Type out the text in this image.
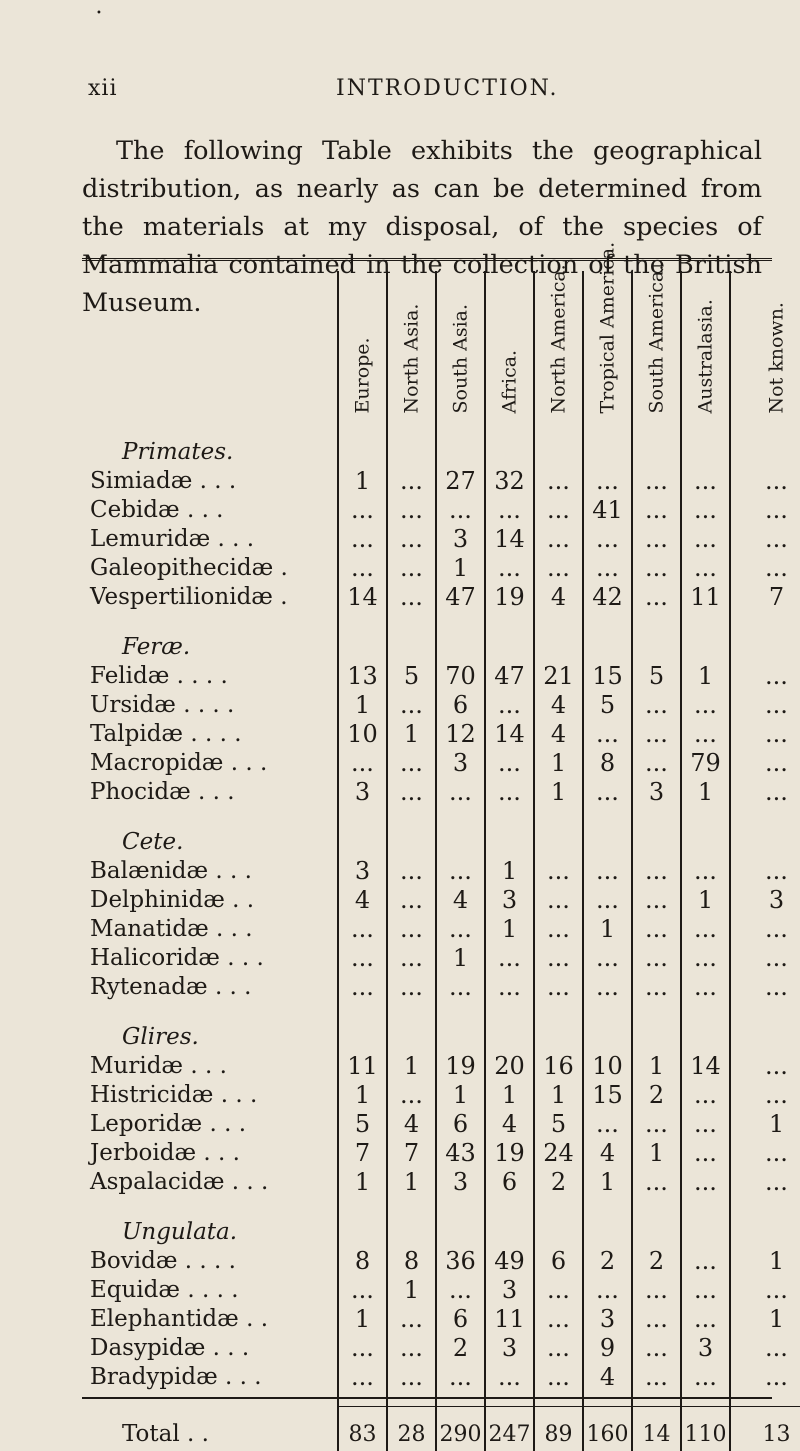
•
xii	INTRODUCTION.

The following Table exhibits the geographical distribution, as nearly as can be determined from the materials at my disposal, of the species of Mammalia contained in the collection of the British Museum.

	Europe.	North Asia.	South Asia.	Africa.	North America.	Tropical America.	South America.	Australasia.	Not known.
Primates.									
Simiadæ . . .	1	...	27	32	...	...	...	...	...
Cebidæ . . .	...	...	...	...	...	41	...	...	...
Lemuridæ . . .	...	...	3	14	...	...	...	...	...
Galeopithecidæ .	...	...	1	...	...	...	...	...	...
Vespertilionidæ .	14	...	47	19	4	42	...	11	7
Feræ.									
Felidæ . . . .	13	5	70	47	21	15	5	1	...
Ursidæ . . . .	1	...	6	...	4	5	...	...	...
Talpidæ . . . .	10	1	12	14	4	...	...	...	...
Macropidæ . . .	...	...	3	...	1	8	...	79	...
Phocidæ . . .	3	...	...	...	1	...	3	1	...
Cete.									
Balænidæ . . .	3	...	...	1	...	...	...	...	...
Delphinidæ . .	4	...	4	3	...	...	...	1	3
Manatidæ . . .	...	...	...	1	...	1	...	...	...
Halicoridæ . . .	...	...	1	...	...	...	...	...	...
Rytenadæ . . .	...	...	...	...	...	...	...	...	...
Glires.									
Muridæ . . .	11	1	19	20	16	10	1	14	...
Histricidæ . . .	1	...	1	1	1	15	2	...	...
Leporidæ . . .	5	4	6	4	5	...	...	...	1
Jerboidæ . . .	7	7	43	19	24	4	1	...	...
Aspalacidæ . . .	1	1	3	6	2	1	...	...	...
Ungulata.									
Bovidæ . . . .	8	8	36	49	6	2	2	...	1
Equidæ . . . .	...	1	...	3	...	...	...	...	...
Elephantidæ . .	1	...	6	11	...	3	...	...	1
Dasypidæ . . .	...	...	2	3	...	9	...	3	...
Bradypidæ . . .	...	...	...	...	...	4	...	...	...

Total . .	83	28	290	247	89	160	14	110	13
